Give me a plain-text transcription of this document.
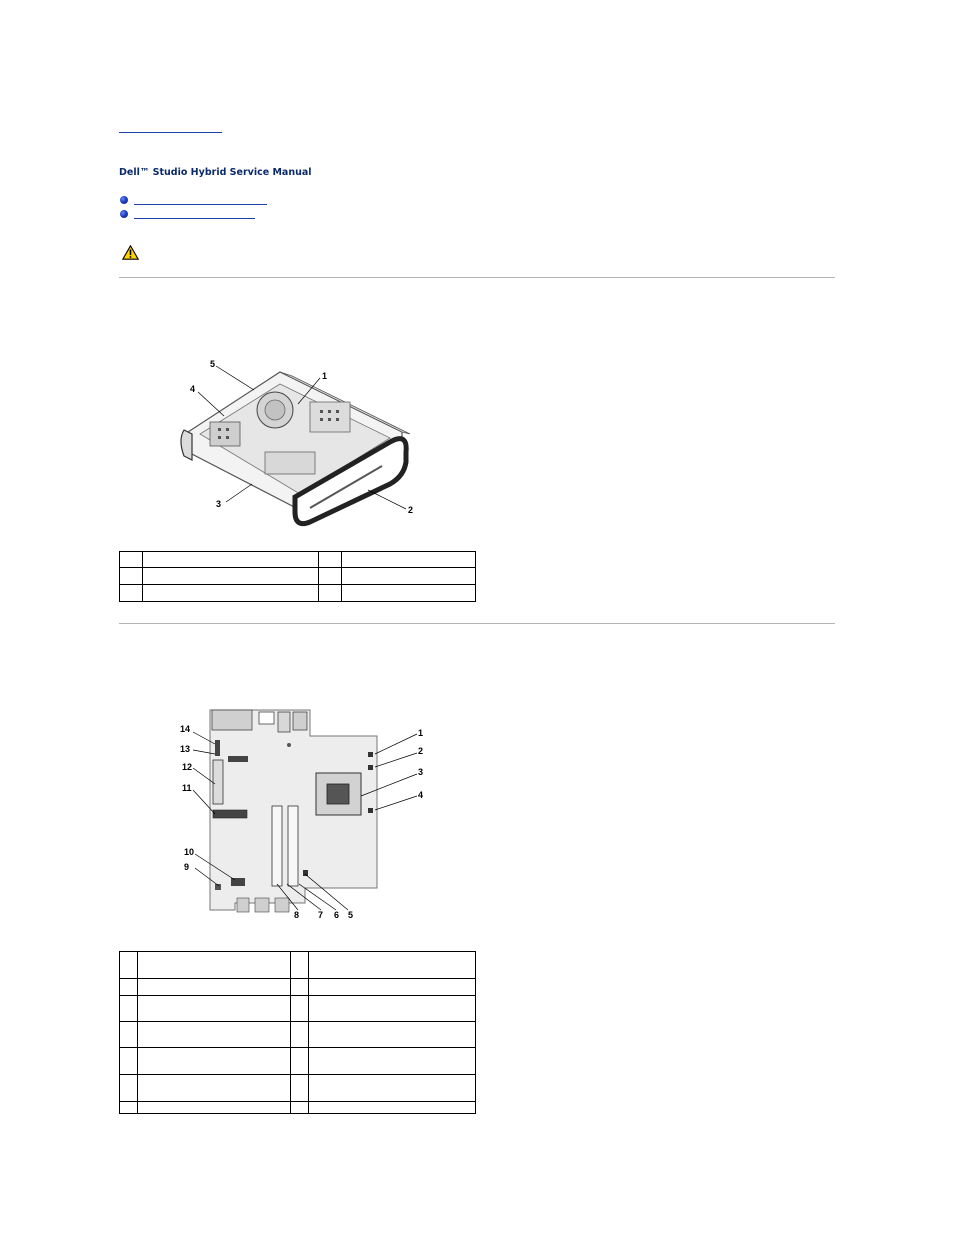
Dell™ Studio Hybrid Service Manual
1
2
3
4
5

1
2
3
4
5
6
7
8
9
10
11
12
13
14
